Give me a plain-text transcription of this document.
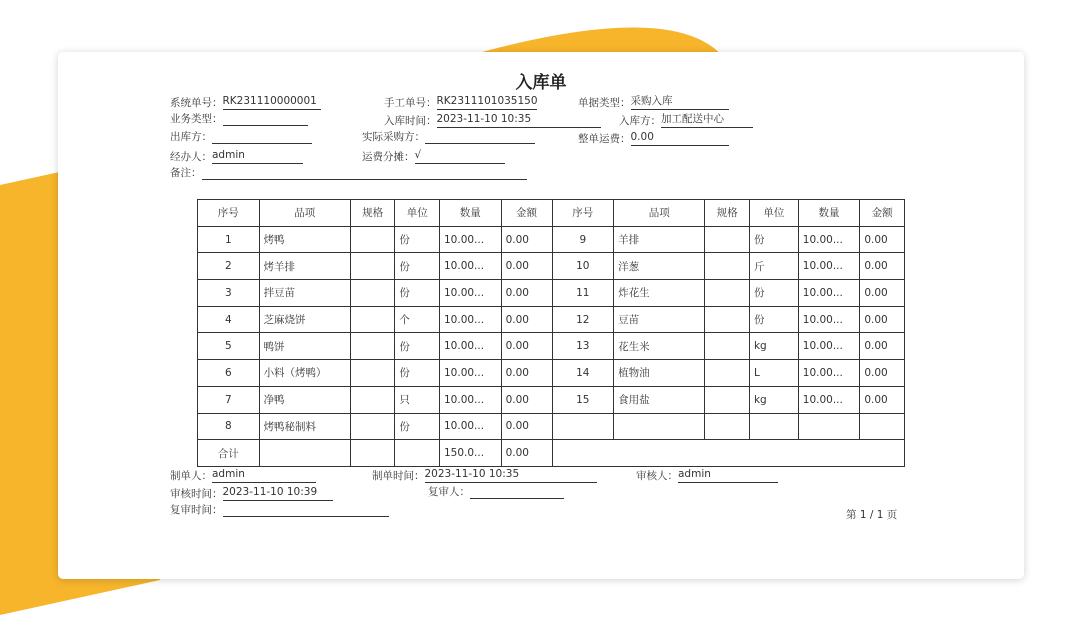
入库单
系统单号：RK231110000001	手工单号：RK2311101035150	单据类型：采购入库
业务类型：	入库时间：2023-11-10 10:35	入库方：加工配送中心
出库方：	实际采购方：	整单运费：0.00
经办人：admin	运费分摊：√
备注：
序号	品项	规格	单位	数量	金额	序号	品项	规格	单位	数量	金额
1	烤鸭		份	10.00...	0.00	9	羊排		份	10.00...	0.00
2	烤羊排		份	10.00...	0.00	10	洋葱		斤	10.00...	0.00
3	拌豆苗		份	10.00...	0.00	11	炸花生		份	10.00...	0.00
4	芝麻烧饼		个	10.00...	0.00	12	豆苗		份	10.00...	0.00
5	鸭饼		份	10.00...	0.00	13	花生米		kg	10.00...	0.00
6	小料（烤鸭）		份	10.00...	0.00	14	植物油		L	10.00...	0.00
7	净鸭		只	10.00...	0.00	15	食用盐		kg	10.00...	0.00
8	烤鸭秘制料		份	10.00...	0.00						
合计				150.0...	0.00						
制单人：admin	制单时间：2023-11-10 10:35	审核人：admin
审核时间：2023-11-10 10:39	复审人：
复审时间：	第 1 / 1 页
